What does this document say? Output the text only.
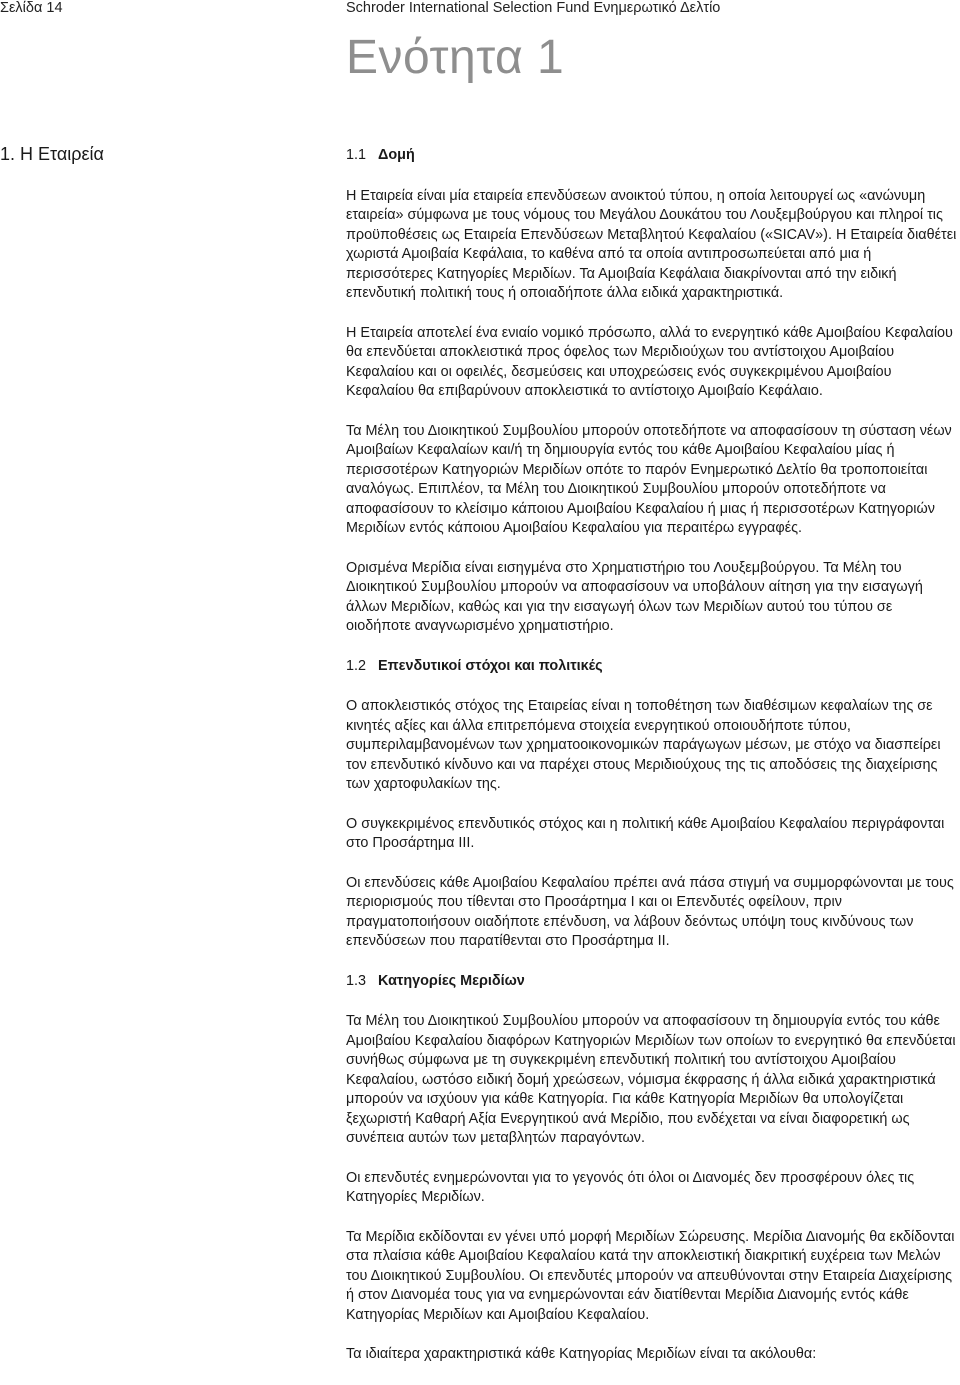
Σελίδα 14	Schroder International Selection Fund Ενημερωτικό Δελτίο
Ενότητα 1
1. Η Εταιρεία	1.1 Δομή

Η Εταιρεία είναι μία εταιρεία επενδύσεων ανοικτού τύπου, η οποία λειτουργεί ως «ανώνυμη εταιρεία» σύμφωνα με τους νόμους του Μεγάλου Δουκάτου του Λουξεμβούργου και πληροί τις προϋποθέσεις ως Εταιρεία Επενδύσεων Μεταβλητού Κεφαλαίου («SICAV»). Η Εταιρεία διαθέτει χωριστά Αμοιβαία Κεφάλαια, το καθένα από τα οποία αντιπροσωπεύεται από μια ή περισσότερες Κατηγορίες Μεριδίων. Τα Αμοιβαία Κεφάλαια διακρίνονται από την ειδική επενδυτική πολιτική τους ή οποιαδήποτε άλλα ειδικά χαρακτηριστικά.

Η Εταιρεία αποτελεί ένα ενιαίο νομικό πρόσωπο, αλλά το ενεργητικό κάθε Αμοιβαίου Κεφαλαίου θα επενδύεται αποκλειστικά προς όφελος των Μεριδιούχων του αντίστοιχου Αμοιβαίου Κεφαλαίου και οι οφειλές, δεσμεύσεις και υποχρεώσεις ενός συγκεκριμένου Αμοιβαίου Κεφαλαίου θα επιβαρύνουν αποκλειστικά το αντίστοιχο Αμοιβαίο Κεφάλαιο.

Τα Μέλη του Διοικητικού Συμβουλίου μπορούν οποτεδήποτε να αποφασίσουν τη σύσταση νέων Αμοιβαίων Κεφαλαίων και/ή τη δημιουργία εντός του κάθε Αμοιβαίου Κεφαλαίου μίας ή περισσοτέρων Κατηγοριών Μεριδίων οπότε το παρόν Ενημερωτικό Δελτίο θα τροποποιείται αναλόγως. Επιπλέον, τα Μέλη του Διοικητικού Συμβουλίου μπορούν οποτεδήποτε να αποφασίσουν το κλείσιμο κάποιου Αμοιβαίου Κεφαλαίου ή μιας ή περισσοτέρων Κατηγοριών Μεριδίων εντός κάποιου Αμοιβαίου Κεφαλαίου για περαιτέρω εγγραφές.

Ορισμένα Μερίδια είναι εισηγμένα στο Χρηματιστήριο του Λουξεμβούργου. Τα Μέλη του Διοικητικού Συμβουλίου μπορούν να αποφασίσουν να υποβάλουν αίτηση για την εισαγωγή άλλων Μεριδίων, καθώς και για την εισαγωγή όλων των Μεριδίων αυτού του τύπου σε οιοδήποτε αναγνωρισμένο χρηματιστήριο.

1.2 Επενδυτικοί στόχοι και πολιτικές

Ο αποκλειστικός στόχος της Εταιρείας είναι η τοποθέτηση των διαθέσιμων κεφαλαίων της σε κινητές αξίες και άλλα επιτρεπόμενα στοιχεία ενεργητικού οποιουδήποτε τύπου, συμπεριλαμβανομένων των χρηματοοικονομικών παράγωγων μέσων, με στόχο να διασπείρει τον επενδυτικό κίνδυνο και να παρέχει στους Μεριδιούχους της τις αποδόσεις της διαχείρισης των χαρτοφυλακίων της.

Ο συγκεκριμένος επενδυτικός στόχος και η πολιτική κάθε Αμοιβαίου Κεφαλαίου περιγράφονται στο Προσάρτημα III.

Οι επενδύσεις κάθε Αμοιβαίου Κεφαλαίου πρέπει ανά πάσα στιγμή να συμμορφώνονται με τους περιορισμούς που τίθενται στο Προσάρτημα I και οι Επενδυτές οφείλουν, πριν πραγματοποιήσουν οιαδήποτε επένδυση, να λάβουν δεόντως υπόψη τους κινδύνους των επενδύσεων που παρατίθενται στο Προσάρτημα II.

1.3 Κατηγορίες Μεριδίων

Τα Μέλη του Διοικητικού Συμβουλίου μπορούν να αποφασίσουν τη δημιουργία εντός του κάθε Αμοιβαίου Κεφαλαίου διαφόρων Κατηγοριών Μεριδίων των οποίων το ενεργητικό θα επενδύεται συνήθως σύμφωνα με τη συγκεκριμένη επενδυτική πολιτική του αντίστοιχου Αμοιβαίου Κεφαλαίου, ωστόσο ειδική δομή χρεώσεων, νόμισμα έκφρασης ή άλλα ειδικά χαρακτηριστικά μπορούν να ισχύουν για κάθε Κατηγορία. Για κάθε Κατηγορία Μεριδίων θα υπολογίζεται ξεχωριστή Καθαρή Αξία Ενεργητικού ανά Μερίδιο, που ενδέχεται να είναι διαφορετική ως συνέπεια αυτών των μεταβλητών παραγόντων.

Οι επενδυτές ενημερώνονται για το γεγονός ότι όλοι οι Διανομές δεν προσφέρουν όλες τις Κατηγορίες Μεριδίων.

Τα Μερίδια εκδίδονται εν γένει υπό μορφή Μεριδίων Σώρευσης. Μερίδια Διανομής θα εκδίδονται στα πλαίσια κάθε Αμοιβαίου Κεφαλαίου κατά την αποκλειστική διακριτική ευχέρεια των Μελών του Διοικητικού Συμβουλίου. Οι επενδυτές μπορούν να απευθύνονται στην Εταιρεία Διαχείρισης ή στον Διανομέα τους για να ενημερώνονται εάν διατίθενται Μερίδια Διανομής εντός κάθε Κατηγορίας Μεριδίων και Αμοιβαίου Κεφαλαίου.

Τα ιδιαίτερα χαρακτηριστικά κάθε Κατηγορίας Μεριδίων είναι τα ακόλουθα:
